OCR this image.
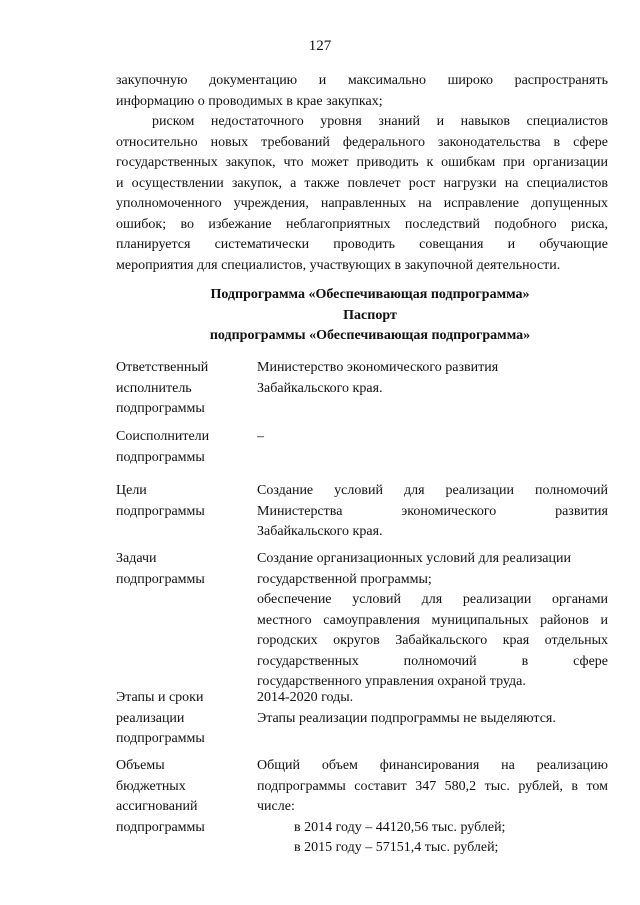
127

закупочную документацию и максимально широко распространять

информацию о проводимых в крае закупках;

риском недостаточного уровня знаний и навыков специалистов

относительно новых требований федерального законодательства в сфере

государственных закупок, что может приводить к ошибкам при организации

и осуществлении закупок, а также повлечет рост нагрузки на специалистов

уполномоченного учреждения, направленных на исправление допущенных

ошибок; во избежание неблагоприятных последствий подобного риска,

планируется систематически проводить совещания и обучающие

мероприятия для специалистов, участвующих в закупочной деятельности.

Подпрограмма «Обеспечивающая подпрограмма»
Паспорт
подпрограммы «Обеспечивающая подпрограмма»
Ответственный
исполнитель
подпрограммы

Министерство экономического развития

Забайкальского края.

Соисполнители
подпрограммы

–

Цели
подпрограммы

Создание условий для реализации полномочий

Министерства экономического развития

Забайкальского края.

Задачи
подпрограммы

Создание организационных условий для реализации

государственной программы;

обеспечение условий для реализации органами

местного самоуправления муниципальных районов и

городских округов Забайкальского края отдельных

государственных полномочий в сфере

государственного управления охраной труда.

Этапы и сроки
реализации
подпрограммы

2014-2020 годы.

Этапы реализации подпрограммы не выделяются.

Объемы
бюджетных
ассигнований
подпрограммы

Общий объем финансирования на реализацию

подпрограммы составит 347 580,2 тыс. рублей, в том

числе:

в 2014 году – 44120,56 тыс. рублей;

в 2015 году – 57151,4 тыс. рублей;
